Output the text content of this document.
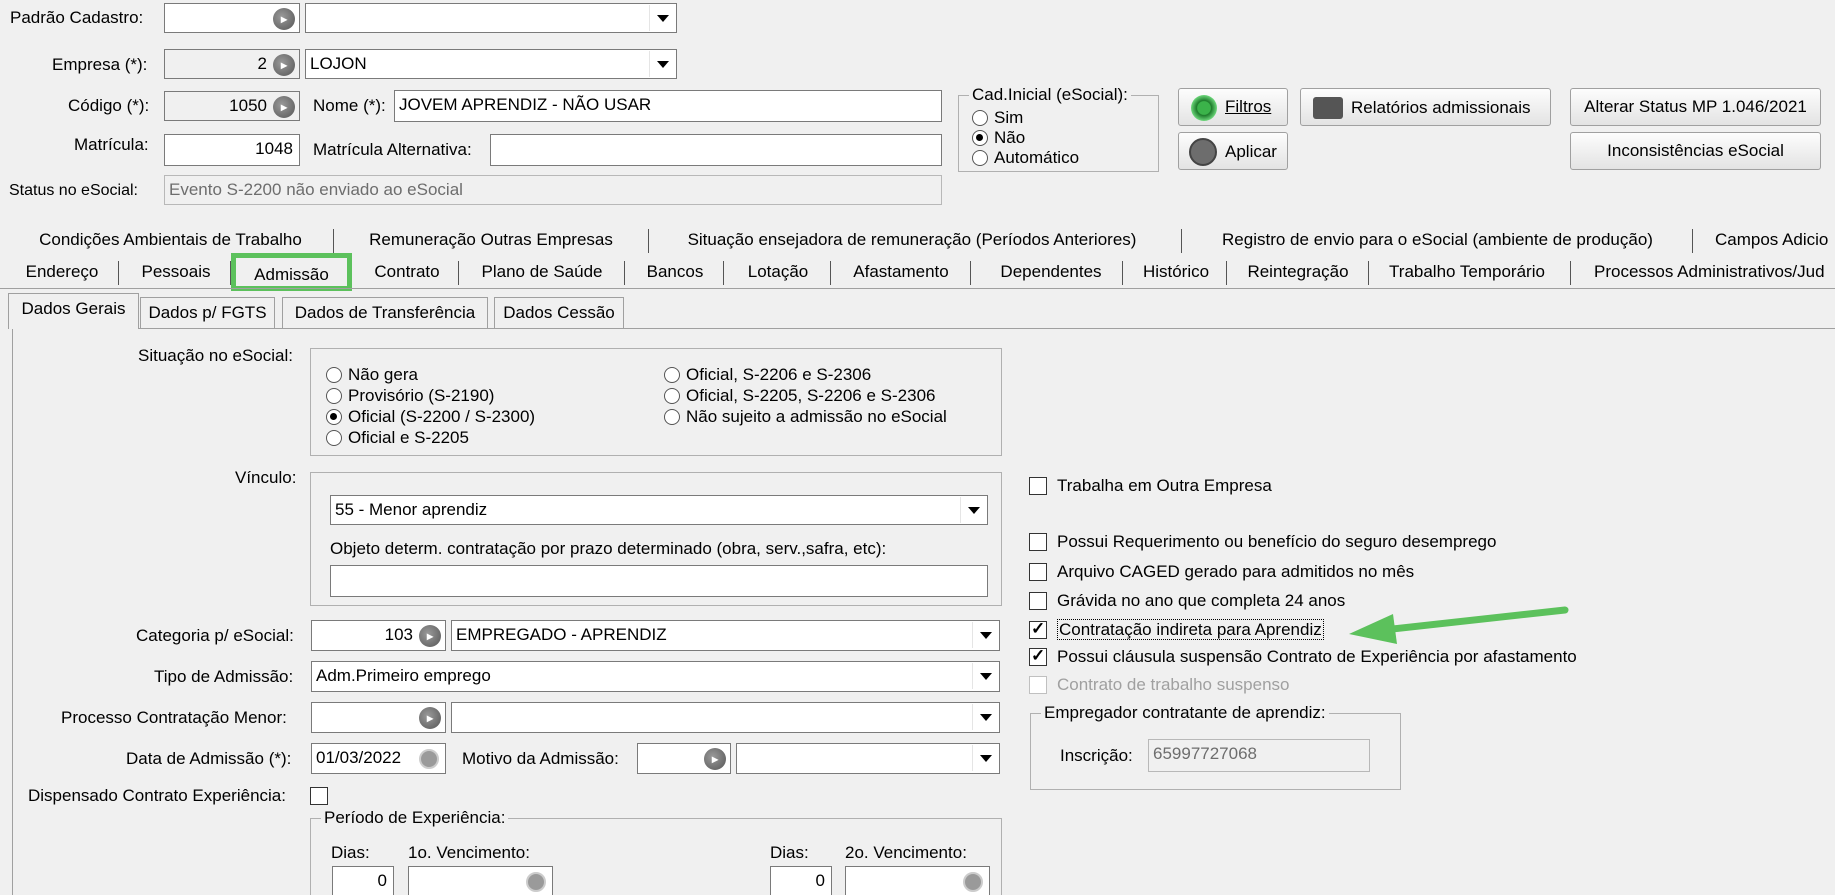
Padrão Cadastro:	▸
Empresa (*):	2	▸	LOJON
Código (*):	1050	▸	Nome (*): JOVEM APRENDIZ - NÃO USAR
Matrícula:	1048	Matrícula Alternativa:
Status no eSocial: Evento S-2200 não enviado ao eSocial
Cad.Inicial (eSocial):
Sim
Não
Automático
Filtros
Aplicar
Relatórios admissionais	Alterar Status MP 1.046/2021
Inconsistências eSocial
Condições Ambientais de Trabalho	Remuneração Outras Empresas	Situação ensejadora de remuneração (Períodos Anteriores)	Registro de envio para o eSocial (ambiente de produção)	Campos Adicio
Endereço	Pessoais	Admissão	Contrato	Plano de Saúde	Bancos	Lotação	Afastamento	Dependentes	Histórico	Reintegração	Trabalho Temporário	Processos Administrativos/Jud
Dados Gerais	Dados p/ FGTS	Dados de Transferência	Dados Cessão
Situação no eSocial:
Não gera
Provisório (S-2190)
Oficial (S-2200 / S-2300)
Oficial e S-2205
Oficial, S-2206 e S-2306
Oficial, S-2205, S-2206 e S-2306
Não sujeito a admissão no eSocial
Vínculo:
55 - Menor aprendiz
Objeto determ. contratação por prazo determinado (obra, serv.,safra, etc):
Categoria p/ eSocial:	103	▸	EMPREGADO - APRENDIZ
Tipo de Admissão: Adm.Primeiro emprego
Processo Contratação Menor:	▸
Data de Admissão (*): 01/03/2022	Motivo da Admissão:	▸
Dispensado Contrato Experiência:
Período de Experiência:
Dias: 1o. Vencimento:
0
Dias: 2o. Vencimento:
0
Trabalha em Outra Empresa
Possui Requerimento ou benefício do seguro desemprego
Arquivo CAGED gerado para admitidos no mês
Grávida no ano que completa 24 anos
Contratação indireta para Aprendiz ✓
Possui cláusula suspensão Contrato de Experiência por afastamento ✓
Contrato de trabalho suspenso
Empregador contratante de aprendiz:
Inscrição: 65997727068
